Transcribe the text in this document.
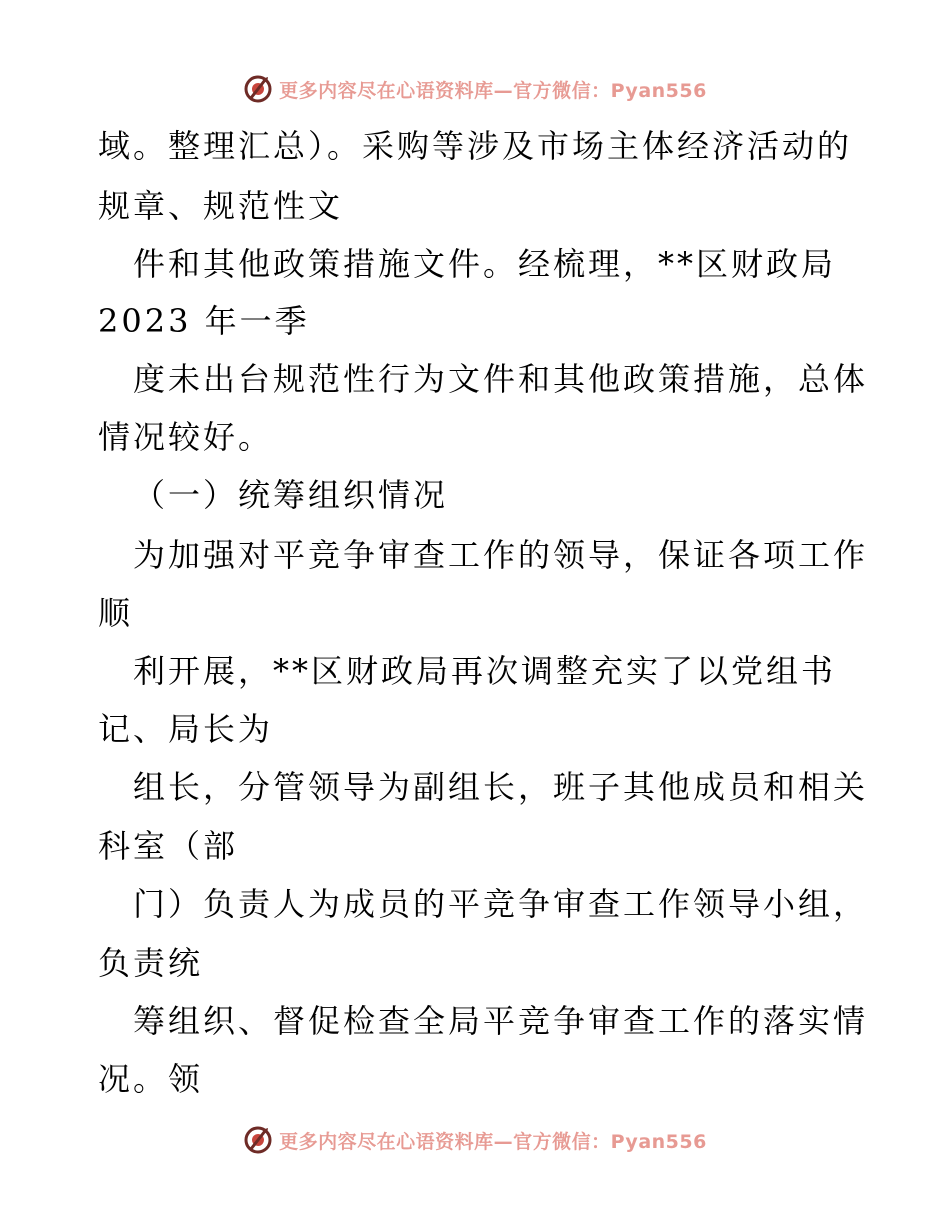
更多内容尽在心语资料库—官方微信：Pyan556
域。整理汇总）。采购等涉及市场主体经济活动的
规章、规范性文
件和其他政策措施文件。经梳理，**区财政局
2023 年一季
度未出台规范性行为文件和其他政策措施，总体
情况较好。
（一）统筹组织情况
为加强对平竞争审查工作的领导，保证各项工作
顺
利开展，**区财政局再次调整充实了以党组书
记、局长为
组长，分管领导为副组长，班子其他成员和相关
科室（部
门）负责人为成员的平竞争审查工作领导小组，
负责统
筹组织、督促检查全局平竞争审查工作的落实情
况。领
更多内容尽在心语资料库—官方微信：Pyan556
